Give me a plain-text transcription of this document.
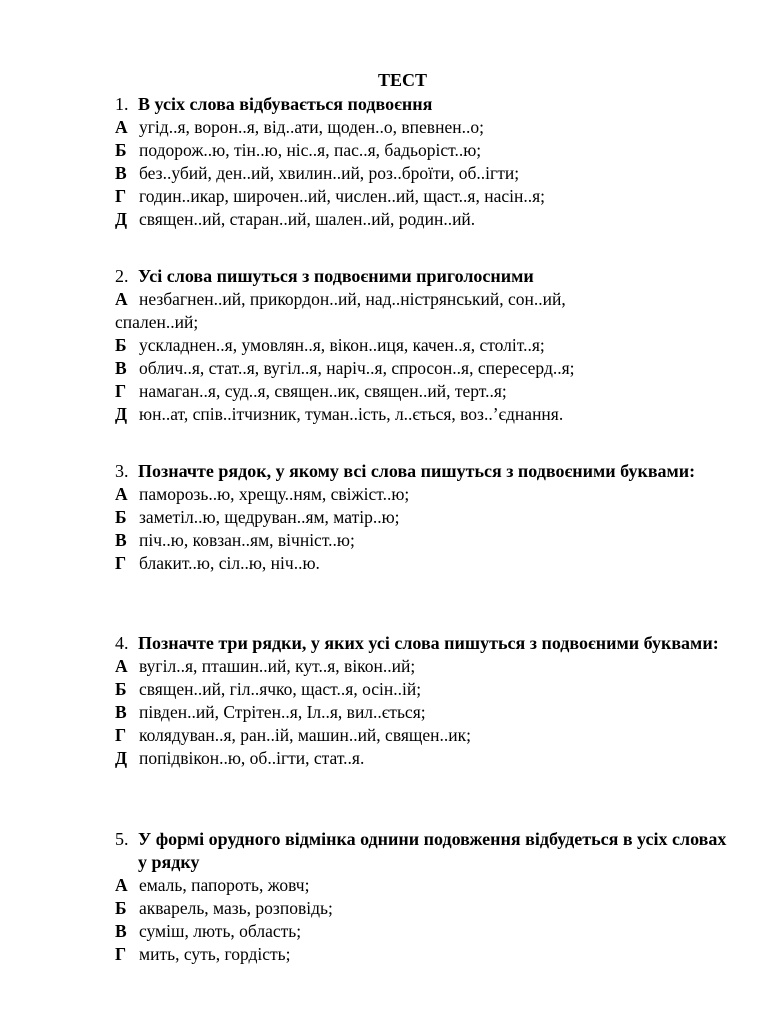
ТЕСТ
1. В усіх слова відбувається подвоєння
А угід..я, ворон..я, від..ати, щоден..о, впевнен..о;
Б подорож..ю, тін..ю, ніс..я, пас..я, бадьоріст..ю;
В без..убий, ден..ий, хвилин..ий, роз..броїти, об..ігти;
Г годин..икар, широчен..ий, числен..ий, щаст..я, насін..я;
Д священ..ий, старан..ий, шален..ий, родин..ий.
2. Усі слова пишуться з подвоєними приголосними
А незбагнен..ий, прикордон..ий, над..ністрянський, сон..ий,
спален..ий;
Б ускладнен..я, умовлян..я, вікон..иця, качен..я, століт..я;
В облич..я, стат..я, вугіл..я, наріч..я, спросон..я, спересерд..я;
Г намаган..я, суд..я, священ..ик, священ..ий, терт..я;
Д юн..ат, спів..ітчизник, туман..ість, л..ється, воз..’єднання.
3. Позначте рядок, у якому всі слова пишуться з подвоєними буквами:
А паморозь..ю, хрещу..ням, свіжіст..ю;
Б заметіл..ю, щедруван..ям, матір..ю;
В піч..ю, ковзан..ям, вічніст..ю;
Г блакит..ю, сіл..ю, ніч..ю.
4. Позначте три рядки, у яких усі слова пишуться з подвоєними буквами:
А вугіл..я, пташин..ий, кут..я, вікон..ий;
Б священ..ий, гіл..ячко, щаст..я, осін..ій;
В півден..ий, Стрітен..я, Іл..я, вил..ється;
Г колядуван..я, ран..ій, машин..ий, священ..ик;
Д попідвікон..ю, об..ігти, стат..я.
5. У формі орудного відмінка однини подовження відбудеться в усіх словах у рядку
А емаль, папороть, жовч;
Б акварель, мазь, розповідь;
В суміш, лють, область;
Г мить, суть, гордість;
